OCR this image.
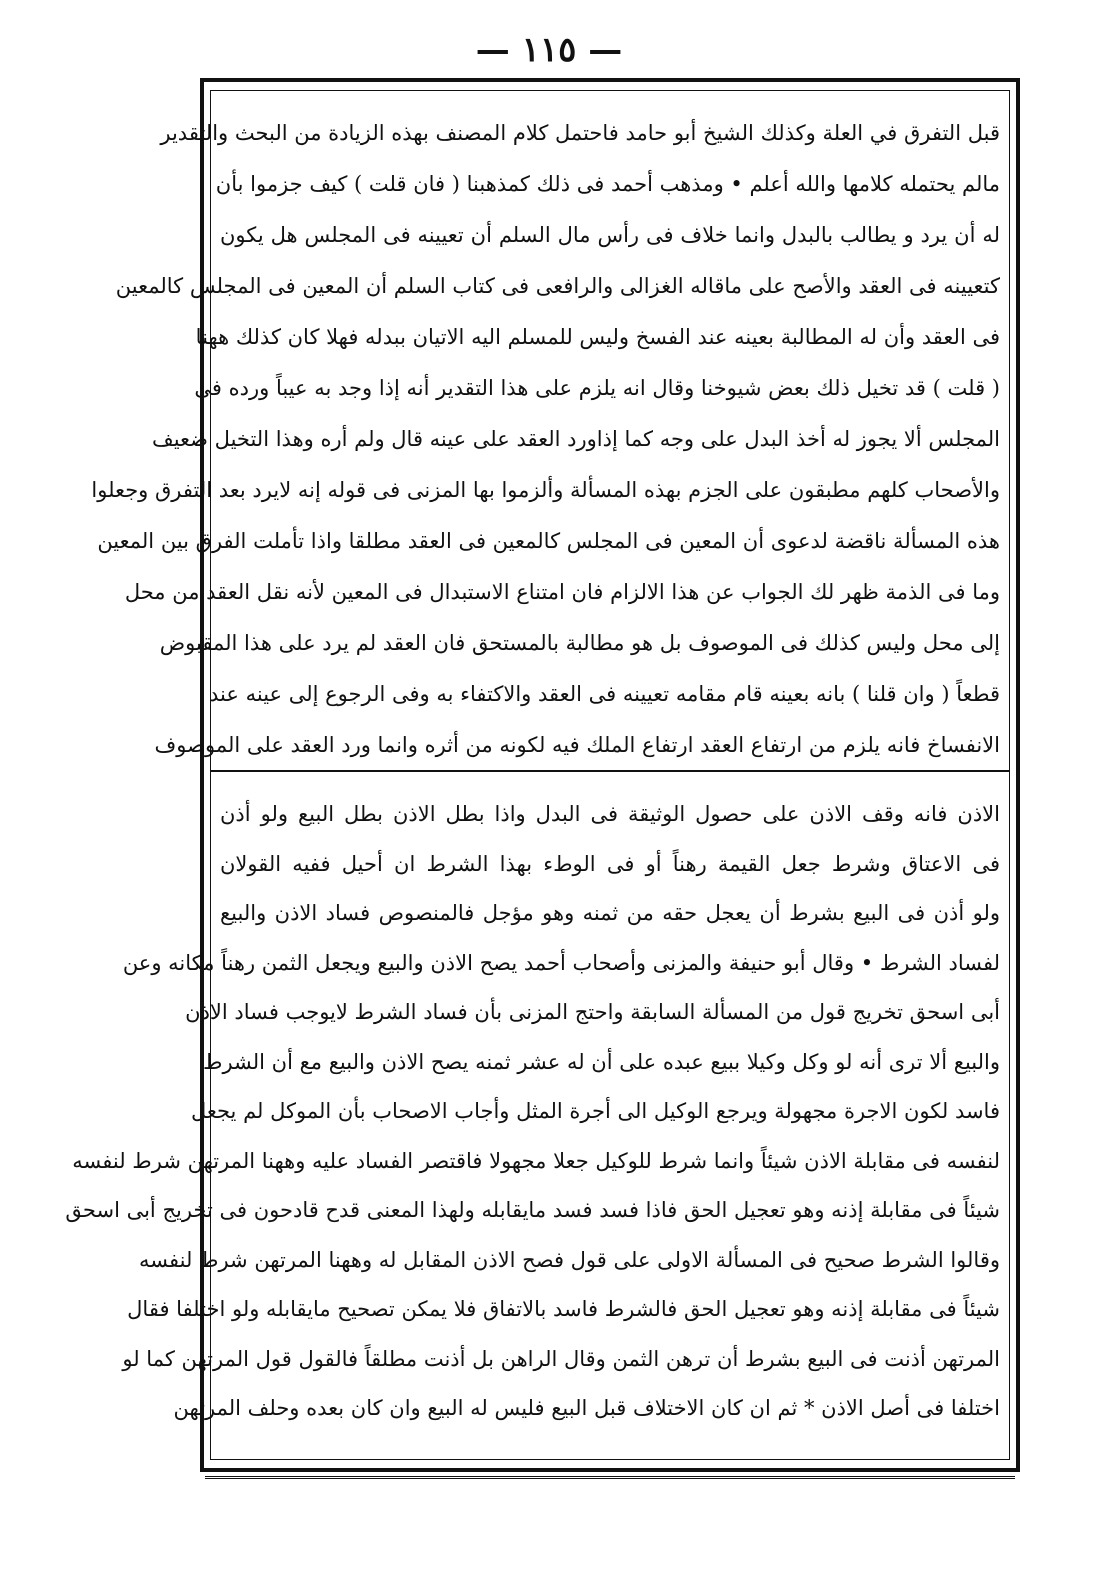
— ١١٥ —
قبل التفرق في العلة وكذلك الشيخ أبو حامد فاحتمل كلام المصنف بهذه الزيادة من البحث والتقدير
مالم يحتمله كلامها والله أعلم • ومذهب أحمد فى ذلك كمذهبنا ( فان قلت ) كيف جزموا بأن
له أن يرد و يطالب بالبدل وانما خلاف فى رأس مال السلم أن تعيينه فى المجلس هل يكون
كتعيينه فى العقد والأصح على ماقاله الغزالى والرافعى فى كتاب السلم أن المعين فى المجلس كالمعين
فى العقد وأن له المطالبة بعينه عند الفسخ وليس للمسلم اليه الاتيان ببدله فهلا كان كذلك ههنا
( قلت ) قد تخيل ذلك بعض شيوخنا وقال انه يلزم على هذا التقدير أنه إذا وجد به عيباً ورده فى
المجلس ألا يجوز له أخذ البدل على وجه كما إذاورد العقد على عينه قال ولم أره وهذا التخيل ضعيف
والأصحاب كلهم مطبقون على الجزم بهذه المسألة وألزموا بها المزنى فى قوله إنه لايرد بعد التفرق وجعلوا
هذه المسألة ناقضة لدعوى أن المعين فى المجلس كالمعين فى العقد مطلقا واذا تأملت الفرق بين المعين
وما فى الذمة ظهر لك الجواب عن هذا الالزام فان امتناع الاستبدال فى المعين لأنه نقل العقد من محل
إلى محل وليس كذلك فى الموصوف بل هو مطالبة بالمستحق فان العقد لم يرد على هذا المقبوض
قطعاً ( وان قلنا ) بانه بعينه قام مقامه تعيينه فى العقد والاكتفاء به وفى الرجوع إلى عينه عند
الانفساخ فانه يلزم من ارتفاع العقد ارتفاع الملك فيه لكونه من أثره وانما ورد العقد على الموصوف
الاذن فانه وقف الاذن على حصول الوثيقة فى البدل واذا بطل الاذن بطل البيع ولو أذن
فى الاعتاق وشرط جعل القيمة رهناً أو فى الوطء بهذا الشرط ان أحيل ففيه القولان
ولو أذن فى البيع بشرط أن يعجل حقه من ثمنه وهو مؤجل فالمنصوص فساد الاذن والبيع
لفساد الشرط • وقال أبو حنيفة والمزنى وأصحاب أحمد يصح الاذن والبيع ويجعل الثمن رهناً مكانه وعن
أبى اسحق تخريج قول من المسألة السابقة واحتج المزنى بأن فساد الشرط لايوجب فساد الاذن
والبيع ألا ترى أنه لو وكل وكيلا ببيع عبده على أن له عشر ثمنه يصح الاذن والبيع مع أن الشرط
فاسد لكون الاجرة مجهولة ويرجع الوكيل الى أجرة المثل وأجاب الاصحاب بأن الموكل لم يجعل
لنفسه فى مقابلة الاذن شيئاً وانما شرط للوكيل جعلا مجهولا فاقتصر الفساد عليه وههنا المرتهن شرط لنفسه
شيئاً فى مقابلة إذنه وهو تعجيل الحق فاذا فسد فسد مايقابله ولهذا المعنى قدح قادحون فى تخريج أبى اسحق
وقالوا الشرط صحيح فى المسألة الاولى على قول فصح الاذن المقابل له وههنا المرتهن شرط لنفسه
شيئاً فى مقابلة إذنه وهو تعجيل الحق فالشرط فاسد بالاتفاق فلا يمكن تصحيح مايقابله ولو اختلفا فقال
المرتهن أذنت فى البيع بشرط أن ترهن الثمن وقال الراهن بل أذنت مطلقاً فالقول قول المرتهن كما لو
اختلفا فى أصل الاذن * ثم ان كان الاختلاف قبل البيع فليس له البيع وان كان بعده وحلف المرتهن
